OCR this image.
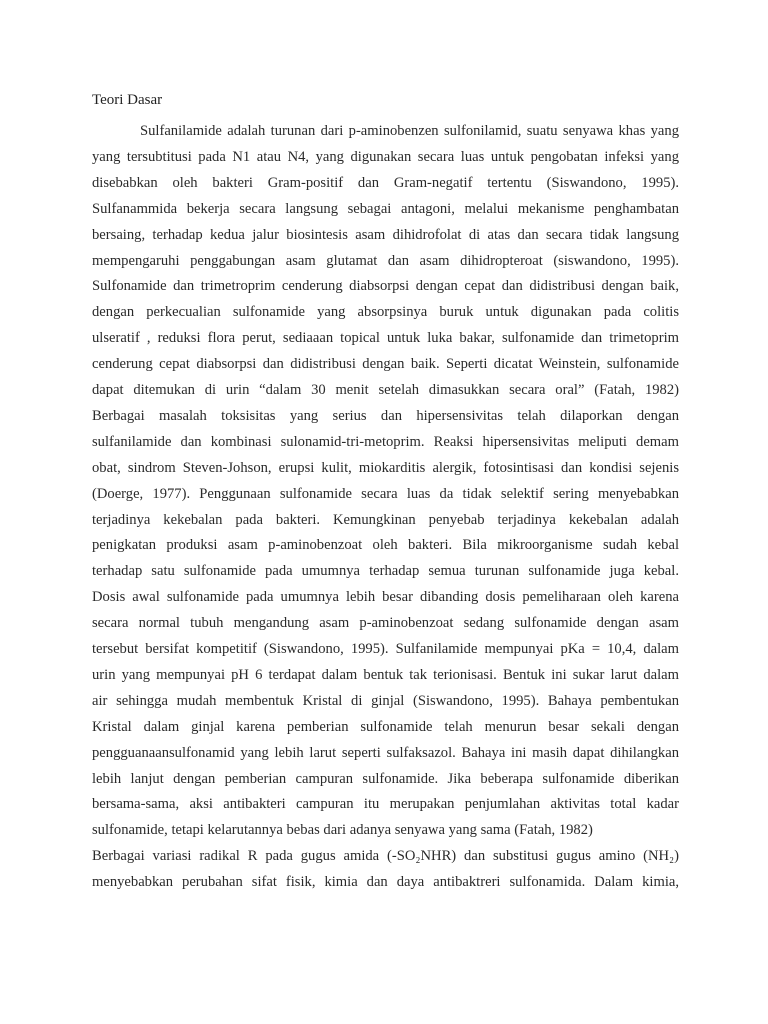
Teori Dasar
Sulfanilamide adalah turunan dari p-aminobenzen sulfonilamid, suatu senyawa khas yang
yang tersubtitusi pada N1 atau N4, yang digunakan secara luas untuk pengobatan infeksi yang
disebabkan oleh bakteri Gram-positif dan Gram-negatif tertentu (Siswandono, 1995).
Sulfanammida bekerja secara langsung sebagai antagoni, melalui mekanisme penghambatan
bersaing, terhadap kedua jalur biosintesis asam dihidrofolat di atas dan secara tidak langsung
mempengaruhi penggabungan asam glutamat dan asam dihidropteroat (siswandono, 1995).
Sulfonamide dan trimetroprim cenderung diabsorpsi dengan cepat dan didistribusi dengan baik,
dengan perkecualian sulfonamide yang absorpsinya buruk untuk digunakan pada colitis
ulseratif , reduksi flora perut, sediaaan topical untuk luka bakar, sulfonamide dan trimetoprim
cenderung cepat diabsorpsi dan didistribusi dengan baik. Seperti dicatat Weinstein, sulfonamide
dapat ditemukan di urin “dalam 30 menit setelah dimasukkan secara oral” (Fatah, 1982)
Berbagai masalah toksisitas yang serius dan hipersensivitas telah dilaporkan dengan
sulfanilamide dan kombinasi sulonamid-tri-metoprim. Reaksi hipersensivitas meliputi demam
obat, sindrom Steven-Johson, erupsi kulit, miokarditis alergik, fotosintisasi dan kondisi sejenis
(Doerge, 1977). Penggunaan sulfonamide secara luas da tidak selektif sering menyebabkan
terjadinya kekebalan pada bakteri. Kemungkinan penyebab terjadinya kekebalan adalah
penigkatan produksi asam p-aminobenzoat oleh bakteri. Bila mikroorganisme sudah kebal
terhadap satu sulfonamide pada umumnya terhadap semua turunan sulfonamide juga kebal.
Dosis awal sulfonamide pada umumnya lebih besar dibanding dosis pemeliharaan oleh karena
secara normal tubuh mengandung asam p-aminobenzoat sedang sulfonamide dengan asam
tersebut bersifat kompetitif (Siswandono, 1995). Sulfanilamide mempunyai pKa = 10,4, dalam
urin yang mempunyai pH 6 terdapat dalam bentuk tak terionisasi. Bentuk ini sukar larut dalam
air sehingga mudah membentuk Kristal di ginjal (Siswandono, 1995). Bahaya pembentukan
Kristal dalam ginjal karena pemberian sulfonamide telah menurun besar sekali dengan
pengguanaansulfonamid yang lebih larut seperti sulfaksazol. Bahaya ini masih dapat dihilangkan
lebih lanjut dengan pemberian campuran sulfonamide. Jika beberapa sulfonamide diberikan
bersama-sama, aksi antibakteri campuran itu merupakan penjumlahan aktivitas total kadar
sulfonamide, tetapi kelarutannya bebas dari adanya senyawa yang sama (Fatah, 1982)
Berbagai variasi radikal R pada gugus amida (-SO₂NHR) dan substitusi gugus amino (NH₂)
menyebabkan perubahan sifat fisik, kimia dan daya antibaktreri sulfonamida. Dalam kimia,
